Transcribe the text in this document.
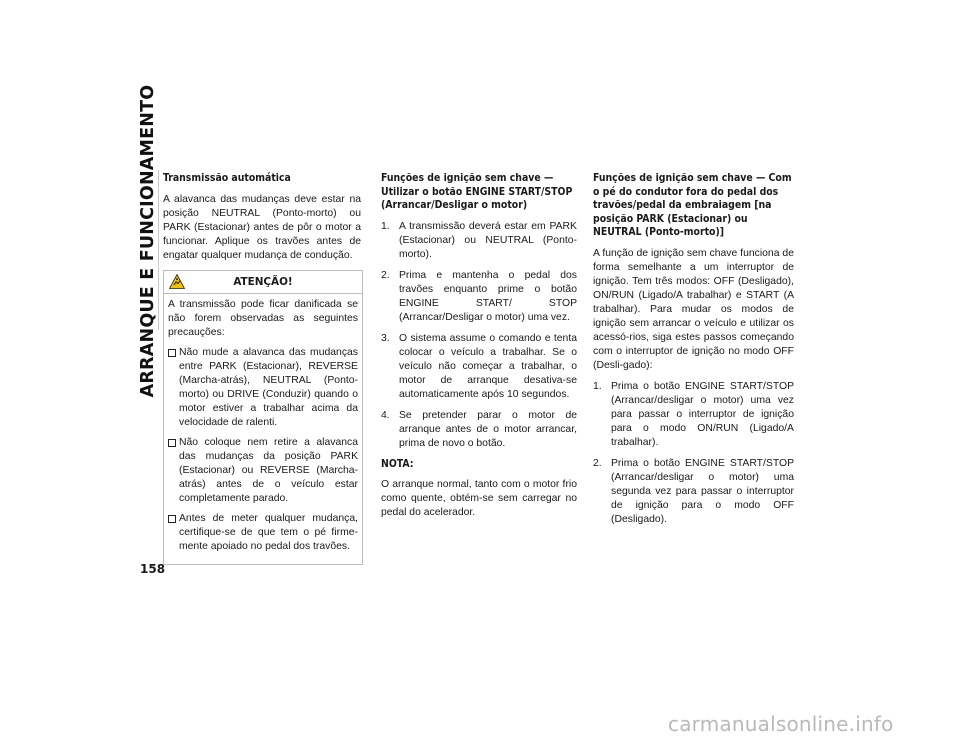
ARRANQUE E FUNCIONAMENTO
158
Transmissão automática

A alavanca das mudanças deve estar na posição NEUTRAL (Ponto-morto) ou PARK (Estacionar) antes de pôr o motor a funcionar. Aplique os travões antes de engatar qualquer mudança de condução.

ATENÇÃO!

A transmissão pode ficar danificada se não forem observadas as seguintes precauções:

Não mude a alavanca das mudanças entre PARK (Estacionar), REVERSE (Marcha-atrás), NEUTRAL (Ponto-morto) ou DRIVE (Conduzir) quando o motor estiver a trabalhar acima da velocidade de ralenti.
Não coloque nem retire a alavanca das mudanças da posição PARK (Estacionar) ou REVERSE (Marcha-atrás) antes de o veículo estar completamente parado.
Antes de meter qualquer mudança, certifique-se de que tem o pé firme-mente apoiado no pedal dos travões.
Funções de ignição sem chave — Utilizar o botão ENGINE START/STOP (Arrancar/Desligar o motor)
1. A transmissão deverá estar em PARK (Estacionar) ou NEUTRAL (Ponto-morto).
2. Prima e mantenha o pedal dos travões enquanto prime o botão ENGINE START/ STOP (Arrancar/Desligar o motor) uma vez.
3. O sistema assume o comando e tenta colocar o veículo a trabalhar. Se o veículo não começar a trabalhar, o motor de arranque desativa-se automaticamente após 10 segundos.
4. Se pretender parar o motor de arranque antes de o motor arrancar, prima de novo o botão.
NOTA:

O arranque normal, tanto com o motor frio como quente, obtém-se sem carregar no pedal do acelerador.

Funções de ignição sem chave — Com o pé do condutor fora do pedal dos travões/pedal da embraiagem [na posição PARK (Estacionar) ou NEUTRAL (Ponto-morto)]

A função de ignição sem chave funciona de forma semelhante a um interruptor de ignição. Tem três modos: OFF (Desligado), ON/RUN (Ligado/A trabalhar) e START (A trabalhar). Para mudar os modos de ignição sem arrancar o veículo e utilizar os acessó-rios, siga estes passos começando com o interruptor de ignição no modo OFF (Desli-gado):

1. Prima o botão ENGINE START/STOP (Arrancar/desligar o motor) uma vez para passar o interruptor de ignição para o modo ON/RUN (Ligado/A trabalhar).
2. Prima o botão ENGINE START/STOP (Arrancar/desligar o motor) uma segunda vez para passar o interruptor de ignição para o modo OFF (Desligado).
carmanualsonline.info
